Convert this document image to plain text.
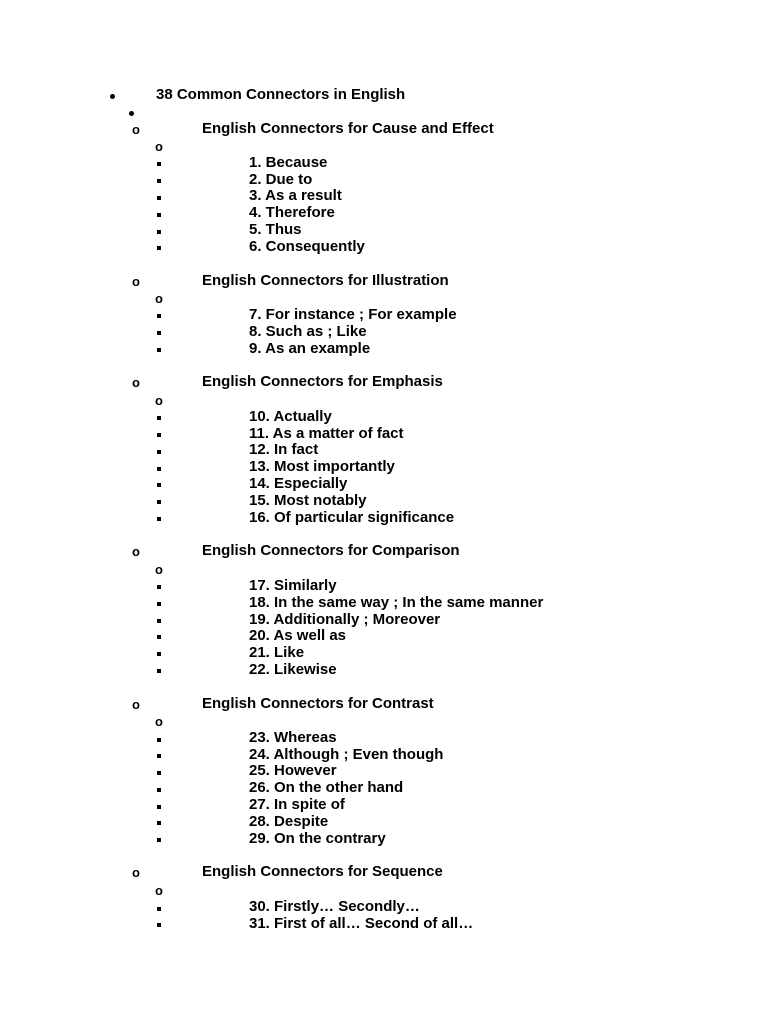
38 Common Connectors in English
o	English Connectors for Cause and Effect
o
1. Because
2. Due to
3. As a result
4. Therefore
5. Thus
6. Consequently
o	English Connectors for Illustration
o
7. For instance ; For example
8. Such as ; Like
9. As an example
o	English Connectors for Emphasis
o
10. Actually
11. As a matter of fact
12. In fact
13. Most importantly
14. Especially
15. Most notably
16. Of particular significance
o	English Connectors for Comparison
o
17. Similarly
18. In the same way ; In the same manner
19. Additionally ; Moreover
20. As well as
21. Like
22. Likewise
o	English Connectors for Contrast
o
23. Whereas
24. Although ; Even though
25. However
26. On the other hand
27. In spite of
28. Despite
29. On the contrary
o	English Connectors for Sequence
o
30. Firstly… Secondly…
31. First of all… Second of all…
